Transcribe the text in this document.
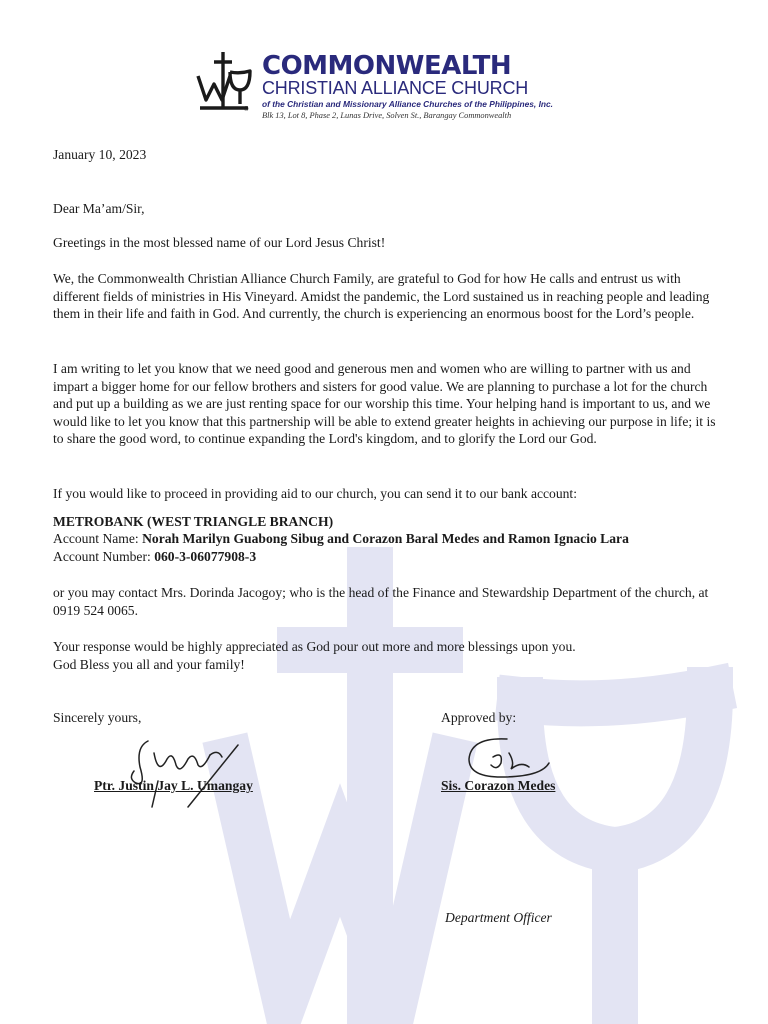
®
COMMONWEALTH
CHRISTIAN ALLIANCE CHURCH
of the Christian and Missionary Alliance Churches of the Philippines, Inc.
Blk 13, Lot 8, Phase 2, Lunas Drive, Solven St., Barangay Commonwealth

January 10, 2023

Dear Ma’am/Sir,

Greetings in the most blessed name of our Lord Jesus Christ!

We, the Commonwealth Christian Alliance Church Family, are grateful to God for how He calls and entrust us with different fields of ministries in His Vineyard. Amidst the pandemic, the Lord sustained us in reaching people and leading them in their life and faith in God. And currently, the church is experiencing an enormous boost for the Lord’s people.

I am writing to let you know that we need good and generous men and women who are willing to partner with us and impart a bigger home for our fellow brothers and sisters for good value. We are planning to purchase a lot for the church and put up a building as we are just renting space for our worship this time. Your helping hand is important to us, and we would like to let you know that this partnership will be able to extend greater heights in achieving our purpose in life; it is to share the good word, to continue expanding the Lord's kingdom, and to glorify the Lord our God.

If you would like to proceed in providing aid to our church, you can send it to our bank account:

METROBANK (WEST TRIANGLE BRANCH)
Account Name: Norah Marilyn Guabong Sibug and Corazon Baral Medes and Ramon Ignacio Lara
Account Number: 060-3-06077908-3

or you may contact Mrs. Dorinda Jacogoy; who is the head of the Finance and Stewardship Department of the church, at 0919 524 0065.

Your response would be highly appreciated as God pour out more and more blessings upon you.

God Bless you all and your family!

Sincerely yours,	Approved by:
Ptr. Justin Jay L. Umangay	Sis. Corazon Medes
Department Officer
